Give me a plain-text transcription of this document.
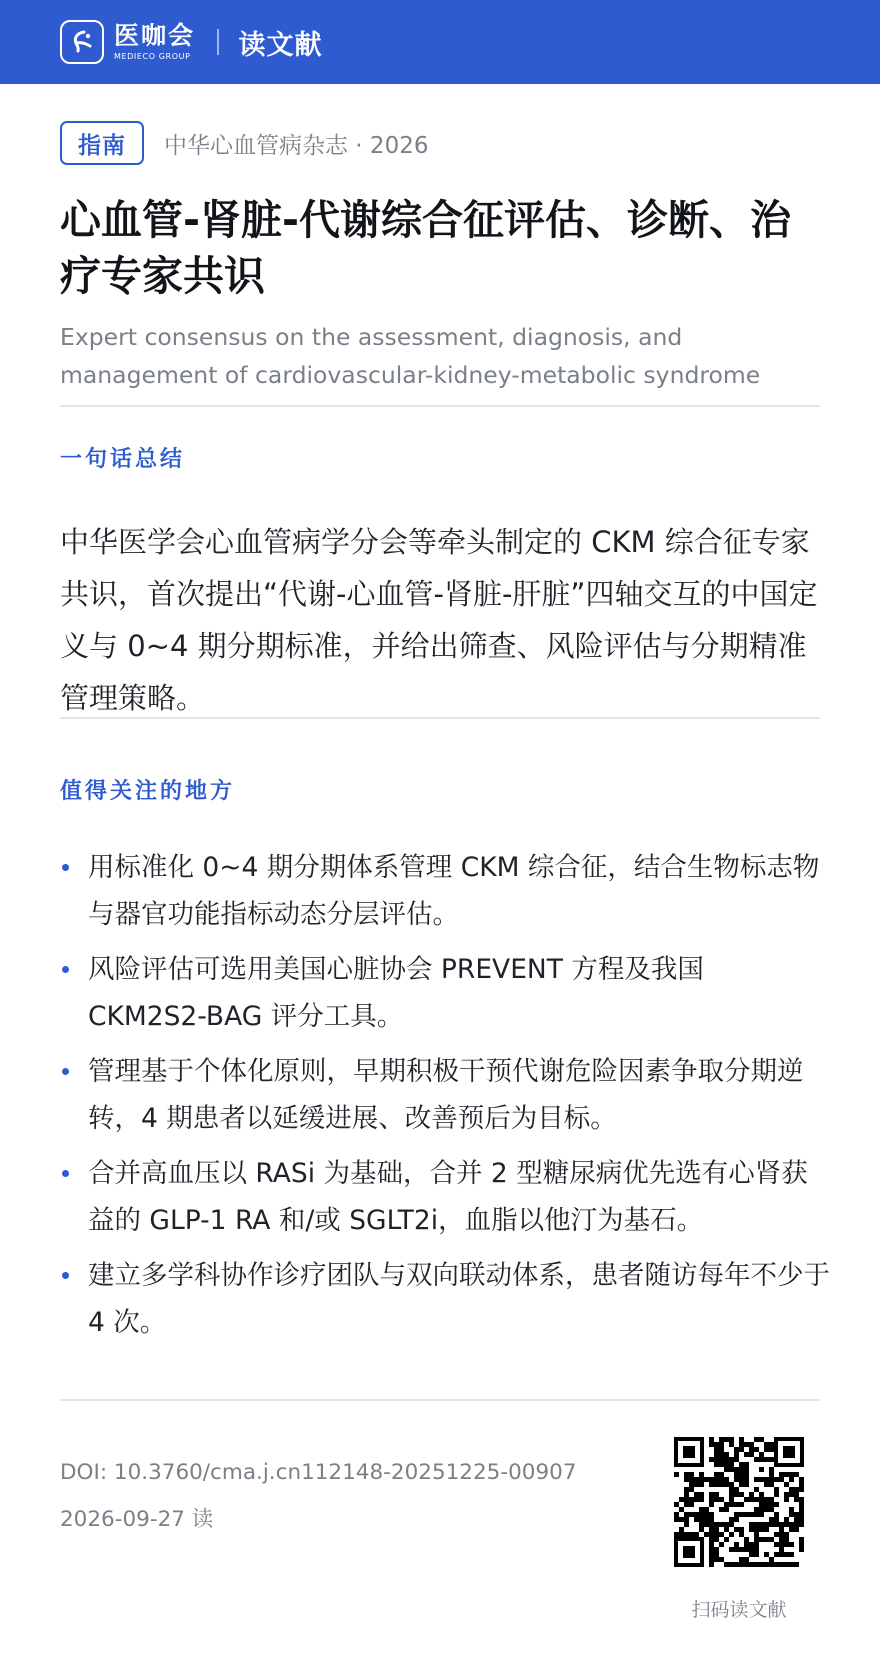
医咖会
MEDIECO GROUP 读文献
指南	中华心血管病杂志 · 2026
心血管-肾脏-代谢综合征评估、诊断、治疗专家共识

Expert consensus on the assessment, diagnosis, and management of cardiovascular-kidney-metabolic syndrome

一句话总结

中华医学会心血管病学分会等牵头制定的 CKM 综合征专家共识，首次提出“代谢-心血管-肾脏-肝脏”四轴交互的中国定义与 0~4 期分期标准，并给出筛查、风险评估与分期精准管理策略。

值得关注的地方
用标准化 0~4 期分期体系管理 CKM 综合征，结合生物标志物与器官功能指标动态分层评估。
风险评估可选用美国心脏协会 PREVENT 方程及我国 CKM2S2-BAG 评分工具。
管理基于个体化原则，早期积极干预代谢危险因素争取分期逆转，4 期患者以延缓进展、改善预后为目标。
合并高血压以 RASi 为基础，合并 2 型糖尿病优先选有心肾获益的 GLP-1 RA 和/或 SGLT2i，血脂以他汀为基石。
建立多学科协作诊疗团队与双向联动体系，患者随访每年不少于 4 次。
DOI: 10.3760/cma.j.cn112148-20251225-00907
2026-09-27 读
扫码读文献
